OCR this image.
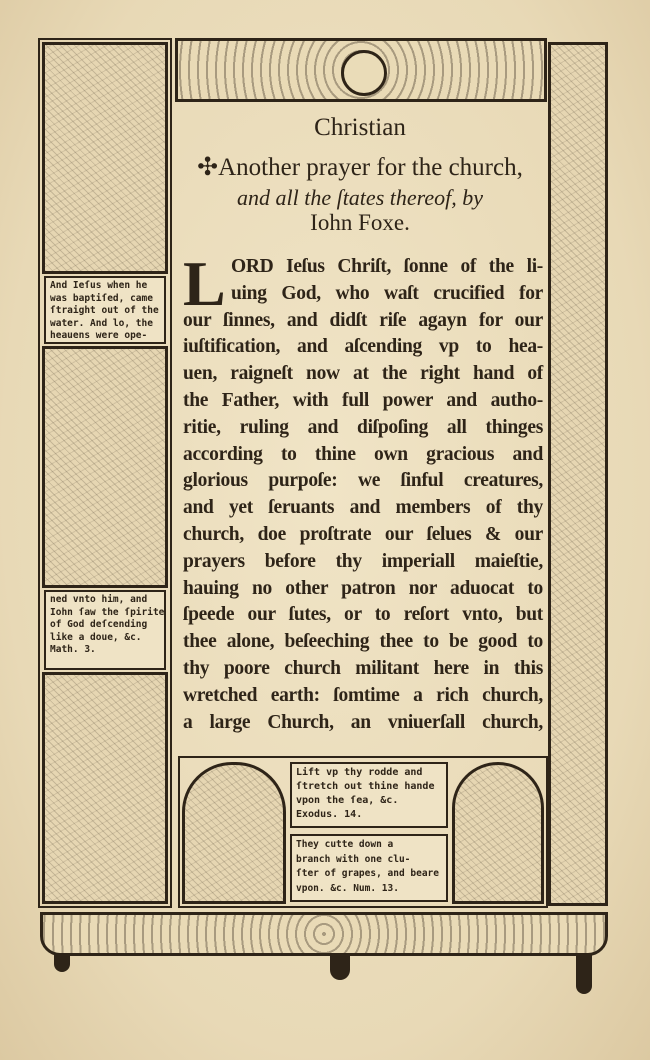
And Ieſus when he
was baptiſed, came
ſtraight out of the
water. And lo, the
heauens were ope-
ned vnto him, and
Iohn ſaw the ſpirite
of God deſcending
like a doue, &c.
Math. 3.
Christian
✣Another prayer for the church,
and all the ſtates thereof, by
Iohn Foxe.
L ORD Ieſus Chriſt, ſonne of the li-
uing God, who waſt crucified for
our ſinnes, and didſt riſe agayn for our
iuſtification, and aſcending vp to hea-
uen, raigneſt now at the right hand of
the Father, with full power and autho-
ritie, ruling and diſpoſing all thinges
according to thine own gracious and
glorious purpoſe: we ſinful creatures,
and yet ſeruants and members of thy
church, doe proſtrate our ſelues & our
prayers before thy imperiall maieſtie,
hauing no other patron nor aduocat to
ſpeede our ſutes, or to reſort vnto, but
thee alone, beſeeching thee to be good to
thy poore church militant here in this
wretched earth: ſomtime a rich church,
a large Church, an vniuerſall church,
Lift vp thy rodde and
ſtretch out thine hande
vpon the ſea, &c.
Exodus. 14.
They cutte down a
branch with one clu-
ſter of grapes, and beare
vpon. &c. Num. 13.
